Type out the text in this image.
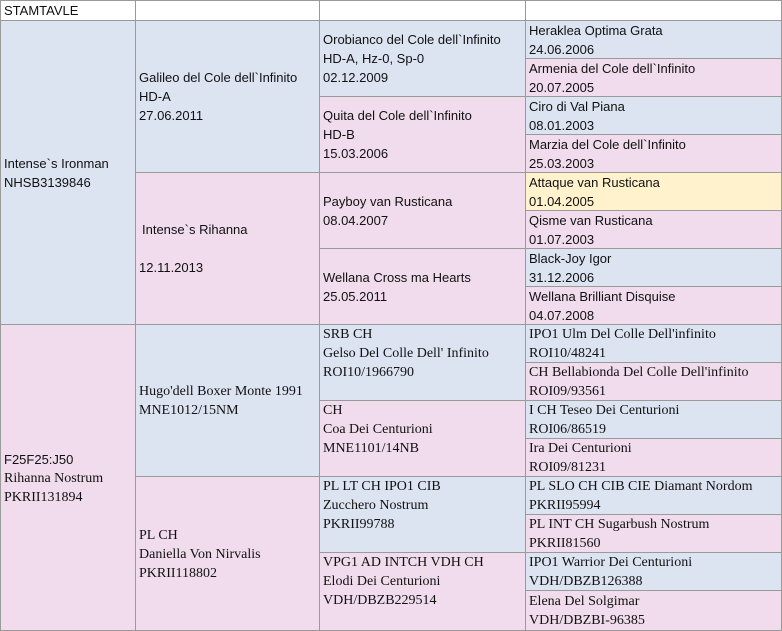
STAMTAVLE
Intense`s Ironman
NHSB3139846
Galileo del Cole dell`Infinito
HD-A
27.06.2011
Intense`s Rihanna
12.11.2013
Orobianco del Cole dell`Infinito
HD-A, Hz-0, Sp-0
02.12.2009
Quita del Cole dell`Infinito
HD-B
15.03.2006
Payboy van Rusticana
08.04.2007
Wellana Cross ma Hearts
25.05.2011
Heraklea Optima Grata
24.06.2006
Armenia del Cole dell`Infinito
20.07.2005
Ciro di Val Piana
08.01.2003
Marzia del Cole dell`Infinito
25.03.2003
Attaque van Rusticana
01.04.2005
Qisme van Rusticana
01.07.2003
Black-Joy Igor
31.12.2006
Wellana Brilliant Disquise
04.07.2008
F25F25:J50
Rihanna Nostrum
PKRII131894
Hugo'dell Boxer Monte 1991
MNE1012/15NM
PL CH
Daniella Von Nirvalis
PKRII118802
SRB CH
Gelso Del Colle Dell' Infinito
ROI10/1966790
CH
Coa Dei Centurioni
MNE1101/14NB
PL LT CH IPO1 CIB
Zucchero Nostrum
PKRII99788
VPG1 AD INTCH VDH CH
Elodi Dei Centurioni
VDH/DBZB229514
IPO1 Ulm Del Colle Dell'infinito
ROI10/48241
CH Bellabionda Del Colle Dell'infinito
ROI09/93561
I CH Teseo Dei Centurioni
ROI06/86519
Ira Dei Centurioni
ROI09/81231
PL SLO CH CIB CIE Diamant Nordom
PKRII95994
PL INT CH Sugarbush Nostrum
PKRII81560
IPO1 Warrior Dei Centurioni
VDH/DBZB126388
Elena Del Solgimar
VDH/DBZBI-96385
